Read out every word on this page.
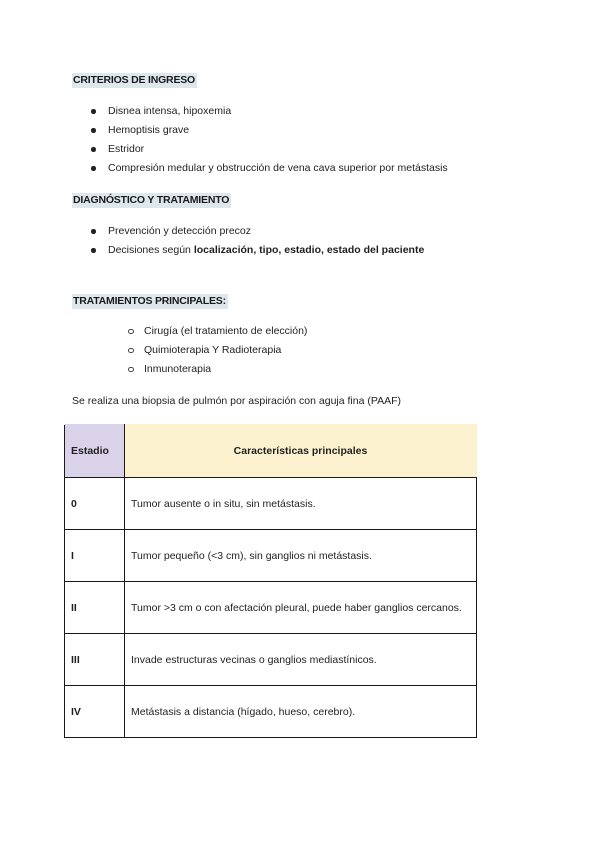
CRITERIOS DE INGRESO
Disnea intensa, hipoxemia
Hemoptisis grave
Estridor
Compresión medular y obstrucción de vena cava superior por metástasis
DIAGNÓSTICO Y TRATAMIENTO
Prevención y detección precoz
Decisiones según localización, tipo, estadio, estado del paciente
TRATAMIENTOS PRINCIPALES:
Cirugía (el tratamiento de elección)
Quimioterapia Y Radioterapia
Inmunoterapia
Se realiza una biopsia de pulmón por aspiración con aguja fina (PAAF)
Estadio	Características principales
0	Tumor ausente o in situ, sin metástasis.
I	Tumor pequeño (<3 cm), sin ganglios ni metástasis.
II	Tumor >3 cm o con afectación pleural, puede haber ganglios cercanos.
III	Invade estructuras vecinas o ganglios mediastínicos.
IV	Metástasis a distancia (hígado, hueso, cerebro).
